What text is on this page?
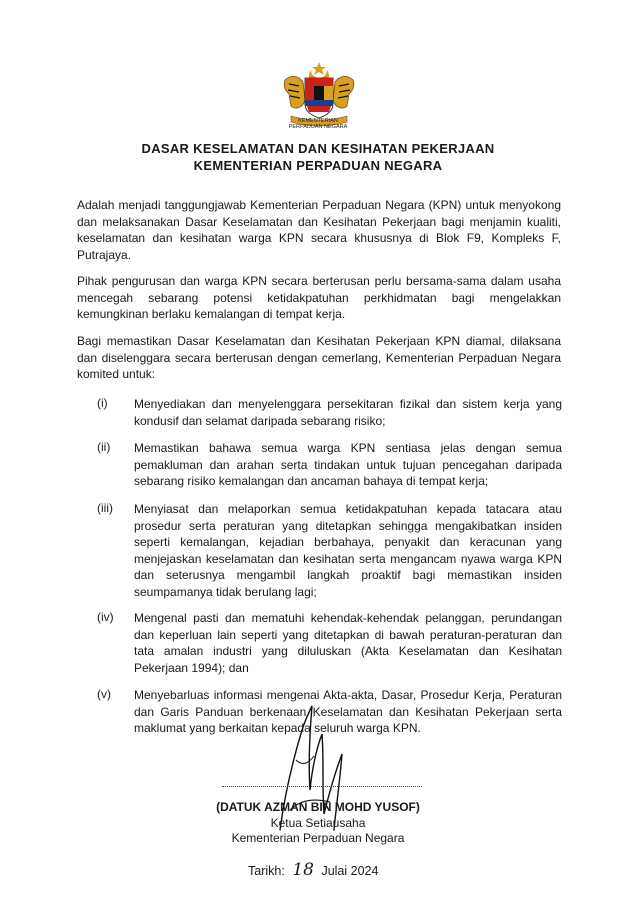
KEMENTERIAN
PERPADUAN NEGARA
DASAR KESELAMATAN DAN KESIHATAN PEKERJAAN
KEMENTERIAN PERPADUAN NEGARA
Adalah menjadi tanggungjawab Kementerian Perpaduan Negara (KPN) untuk menyokong dan melaksanakan Dasar Keselamatan dan Kesihatan Pekerjaan bagi menjamin kualiti, keselamatan dan kesihatan warga KPN secara khususnya di Blok F9, Kompleks F, Putrajaya.
Pihak pengurusan dan warga KPN secara berterusan perlu bersama-sama dalam usaha mencegah sebarang potensi ketidakpatuhan perkhidmatan bagi mengelakkan kemungkinan berlaku kemalangan di tempat kerja.
Bagi memastikan Dasar Keselamatan dan Kesihatan Pekerjaan KPN diamal, dilaksana dan diselenggara secara berterusan dengan cemerlang, Kementerian Perpaduan Negara komited untuk:
(i) Menyediakan dan menyelenggara persekitaran fizikal dan sistem kerja yang kondusif dan selamat daripada sebarang risiko;
(ii) Memastikan bahawa semua warga KPN sentiasa jelas dengan semua pemakluman dan arahan serta tindakan untuk tujuan pencegahan daripada sebarang risiko kemalangan dan ancaman bahaya di tempat kerja;
(iii) Menyiasat dan melaporkan semua ketidakpatuhan kepada tatacara atau prosedur serta peraturan yang ditetapkan sehingga mengakibatkan insiden seperti kemalangan, kejadian berbahaya, penyakit dan keracunan yang menjejaskan keselamatan dan kesihatan serta mengancam nyawa warga KPN dan seterusnya mengambil langkah proaktif bagi memastikan insiden seumpamanya tidak berulang lagi;
(iv) Mengenal pasti dan mematuhi kehendak-kehendak pelanggan, perundangan dan keperluan lain seperti yang ditetapkan di bawah peraturan-peraturan dan tata amalan industri yang diluluskan (Akta Keselamatan dan Kesihatan Pekerjaan 1994); dan
(v) Menyebarluas informasi mengenai Akta-akta, Dasar, Prosedur Kerja, Peraturan dan Garis Panduan berkenaan Keselamatan dan Kesihatan Pekerjaan serta maklumat yang berkaitan kepada seluruh warga KPN.
(DATUK AZMAN BIN MOHD YUSOF)
Ketua Setiausaha
Kementerian Perpaduan Negara
Tarikh: 18 Julai 2024
